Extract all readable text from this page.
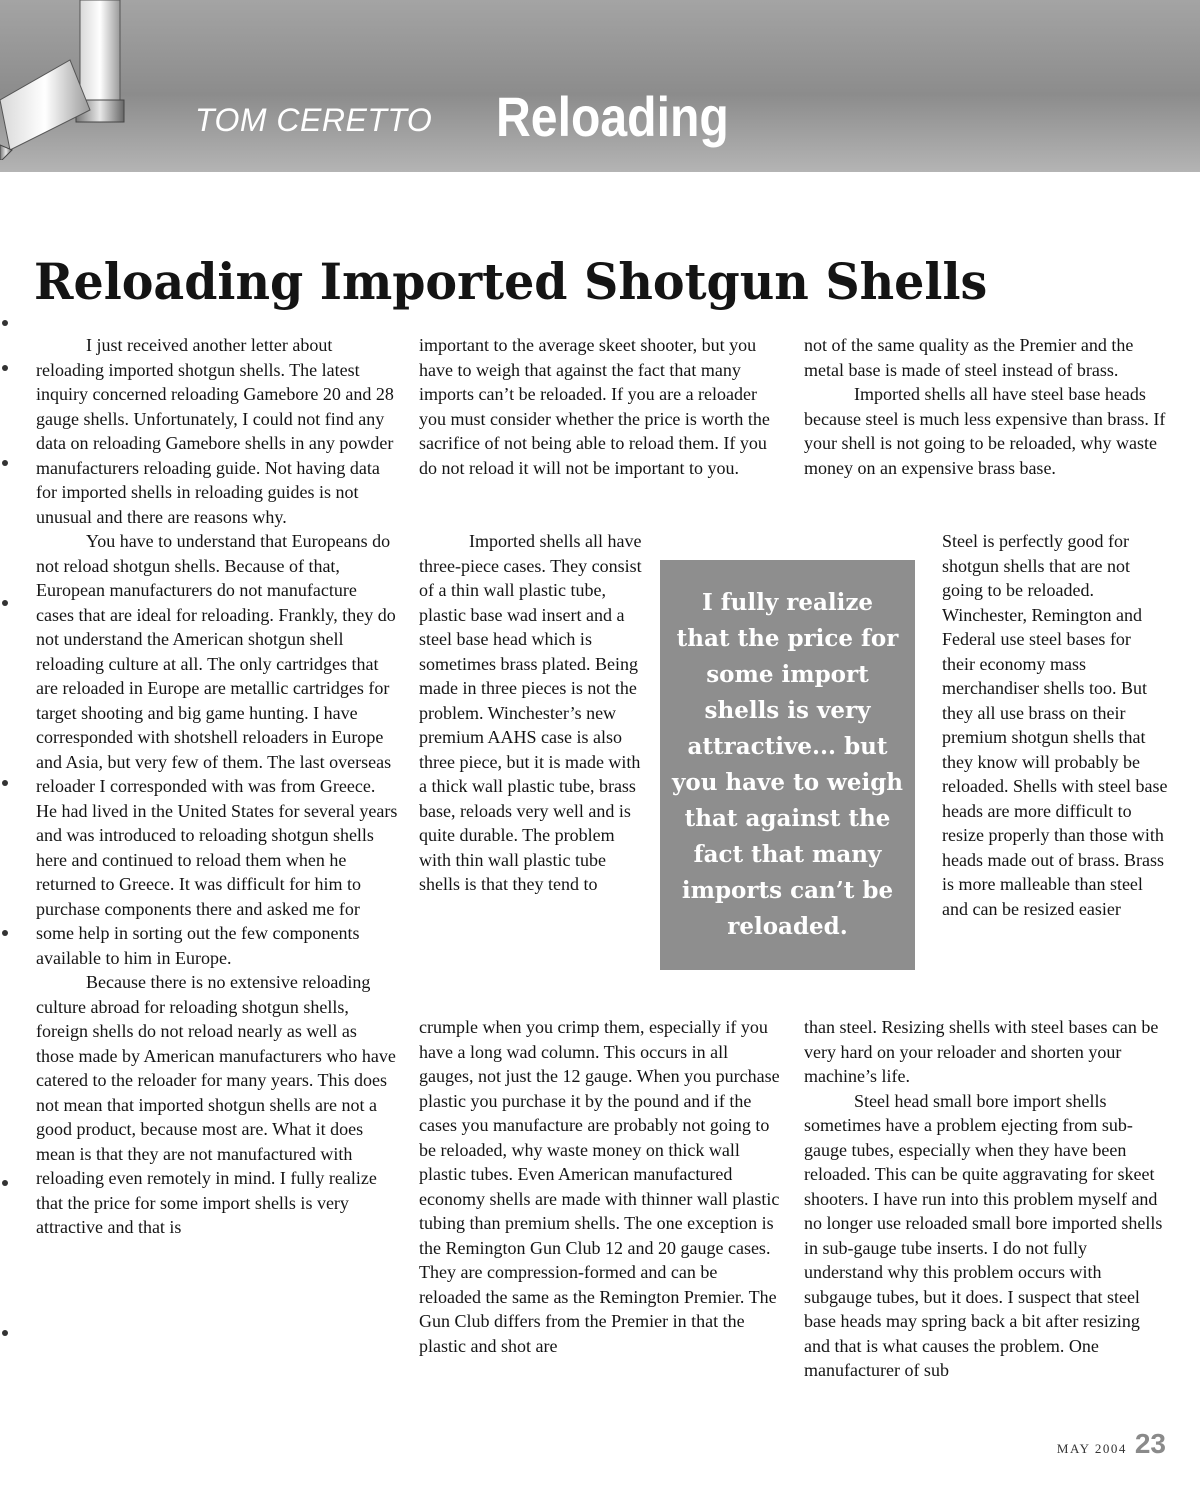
TOM CERETTO Reloading
Reloading Imported Shotgun Shells

I just received another letter about reloading imported shotgun shells. The latest inquiry concerned reloading Gamebore 20 and 28 gauge shells. Unfortunately, I could not find any data on reloading Gamebore shells in any powder manufacturers reloading guide. Not having data for imported shells in reloading guides is not unusual and there are reasons why.

You have to understand that Europeans do not reload shotgun shells. Because of that, European manufacturers do not manufacture cases that are ideal for reloading. Frankly, they do not understand the American shotgun shell reloading culture at all. The only cartridges that are reloaded in Europe are metallic cartridges for target shooting and big game hunting. I have corresponded with shotshell reloaders in Europe and Asia, but very few of them. The last overseas reloader I corresponded with was from Greece. He had lived in the United States for several years and was introduced to reloading shotgun shells here and continued to reload them when he returned to Greece. It was difficult for him to purchase components there and asked me for some help in sorting out the few components available to him in Europe.

Because there is no extensive reloading culture abroad for reloading shotgun shells, foreign shells do not reload nearly as well as those made by American manufacturers who have catered to the reloader for many years. This does not mean that imported shotgun shells are not a good product, because most are. What it does mean is that they are not manufactured with reloading even remotely in mind. I fully realize that the price for some import shells is very attractive and that is

important to the average skeet shooter, but you have to weigh that against the fact that many imports can’t be reloaded. If you are a reloader you must consider whether the price is worth the sacrifice of not being able to reload them. If you do not reload it will not be important to you.

Imported shells all have three-piece cases. They consist of a thin wall plastic tube, plastic base wad insert and a steel base head which is sometimes brass plated. Being made in three pieces is not the problem. Winchester’s new premium AAHS case is also three piece, but it is made with a thick wall plastic tube, brass base, reloads very well and is quite durable. The problem with thin wall plastic tube shells is that they tend to

crumple when you crimp them, especially if you have a long wad column. This occurs in all gauges, not just the 12 gauge. When you purchase plastic you purchase it by the pound and if the cases you manufacture are probably not going to be reloaded, why waste money on thick wall plastic tubes. Even American manufactured economy shells are made with thinner wall plastic tubing than premium shells. The one exception is the Remington Gun Club 12 and 20 gauge cases. They are compression-formed and can be reloaded the same as the Remington Premier. The Gun Club differs from the Premier in that the plastic and shot are

I fully realize that the price for some import shells is very attractive... but you have to weigh that against the fact that many imports can’t be reloaded.

not of the same quality as the Premier and the metal base is made of steel instead of brass.

Imported shells all have steel base heads because steel is much less expensive than brass. If your shell is not going to be reloaded, why waste money on an expensive brass base.

Steel is perfectly good for shotgun shells that are not going to be reloaded. Winchester, Remington and Federal use steel bases for their economy mass merchandiser shells too. But they all use brass on their premium shotgun shells that they know will probably be reloaded. Shells with steel base heads are more difficult to resize properly than those with heads made out of brass. Brass is more malleable than steel and can be resized easier

than steel. Resizing shells with steel bases can be very hard on your reloader and shorten your machine’s life.

Steel head small bore import shells sometimes have a problem ejecting from sub-gauge tubes, especially when they have been reloaded. This can be quite aggravating for skeet shooters. I have run into this problem myself and no longer use reloaded small bore imported shells in sub-gauge tube inserts. I do not fully understand why this problem occurs with subgauge tubes, but it does. I suspect that steel base heads may spring back a bit after resizing and that is what causes the problem. One manufacturer of sub

MAY 2004 23
